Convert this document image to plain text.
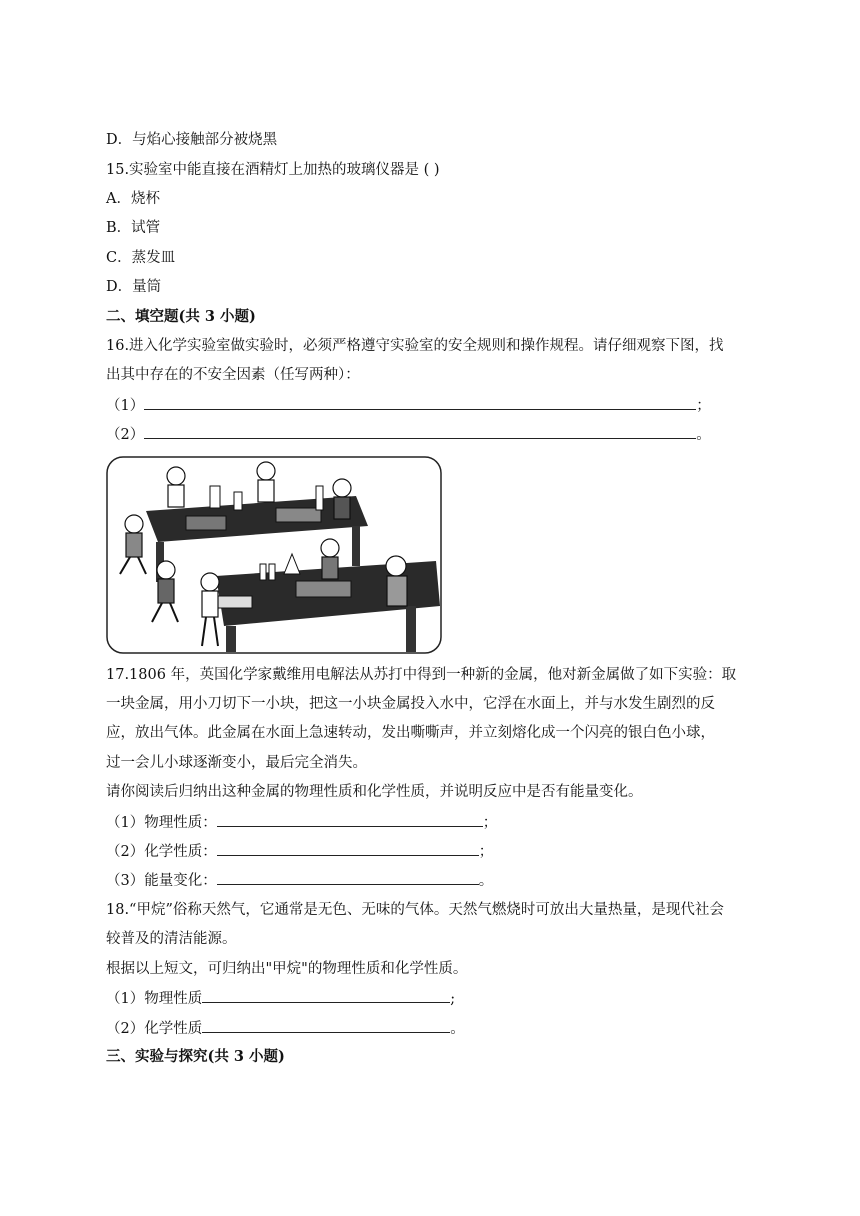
D．与焰心接触部分被烧黑
15.实验室中能直接在酒精灯上加热的玻璃仪器是 ( )
A．烧杯
B．试管
C．蒸发皿
D．量筒
二、填空题(共 3 小题)
16.进入化学实验室做实验时，必须严格遵守实验室的安全规则和操作规程。请仔细观察下图，找
出其中存在的不安全因素（任写两种）：
（1）	；
（2）	。
17.1806 年，英国化学家戴维用电解法从苏打中得到一种新的金属，他对新金属做了如下实验：取
一块金属，用小刀切下一小块，把这一小块金属投入水中，它浮在水面上，并与水发生剧烈的反
应，放出气体。此金属在水面上急速转动，发出嘶嘶声，并立刻熔化成一个闪亮的银白色小球，
过一会儿小球逐渐变小，最后完全消失。
请你阅读后归纳出这种金属的物理性质和化学性质，并说明反应中是否有能量变化。
（1）物理性质：	；
（2）化学性质：	；
（3）能量变化：	。
18.“甲烷”俗称天然气，它通常是无色、无味的气体。天然气燃烧时可放出大量热量，是现代社会
较普及的清洁能源。
根据以上短文，可归纳出"甲烷"的物理性质和化学性质。
（1）物理性质	;
（2）化学性质	。
三、实验与探究(共 3 小题)
